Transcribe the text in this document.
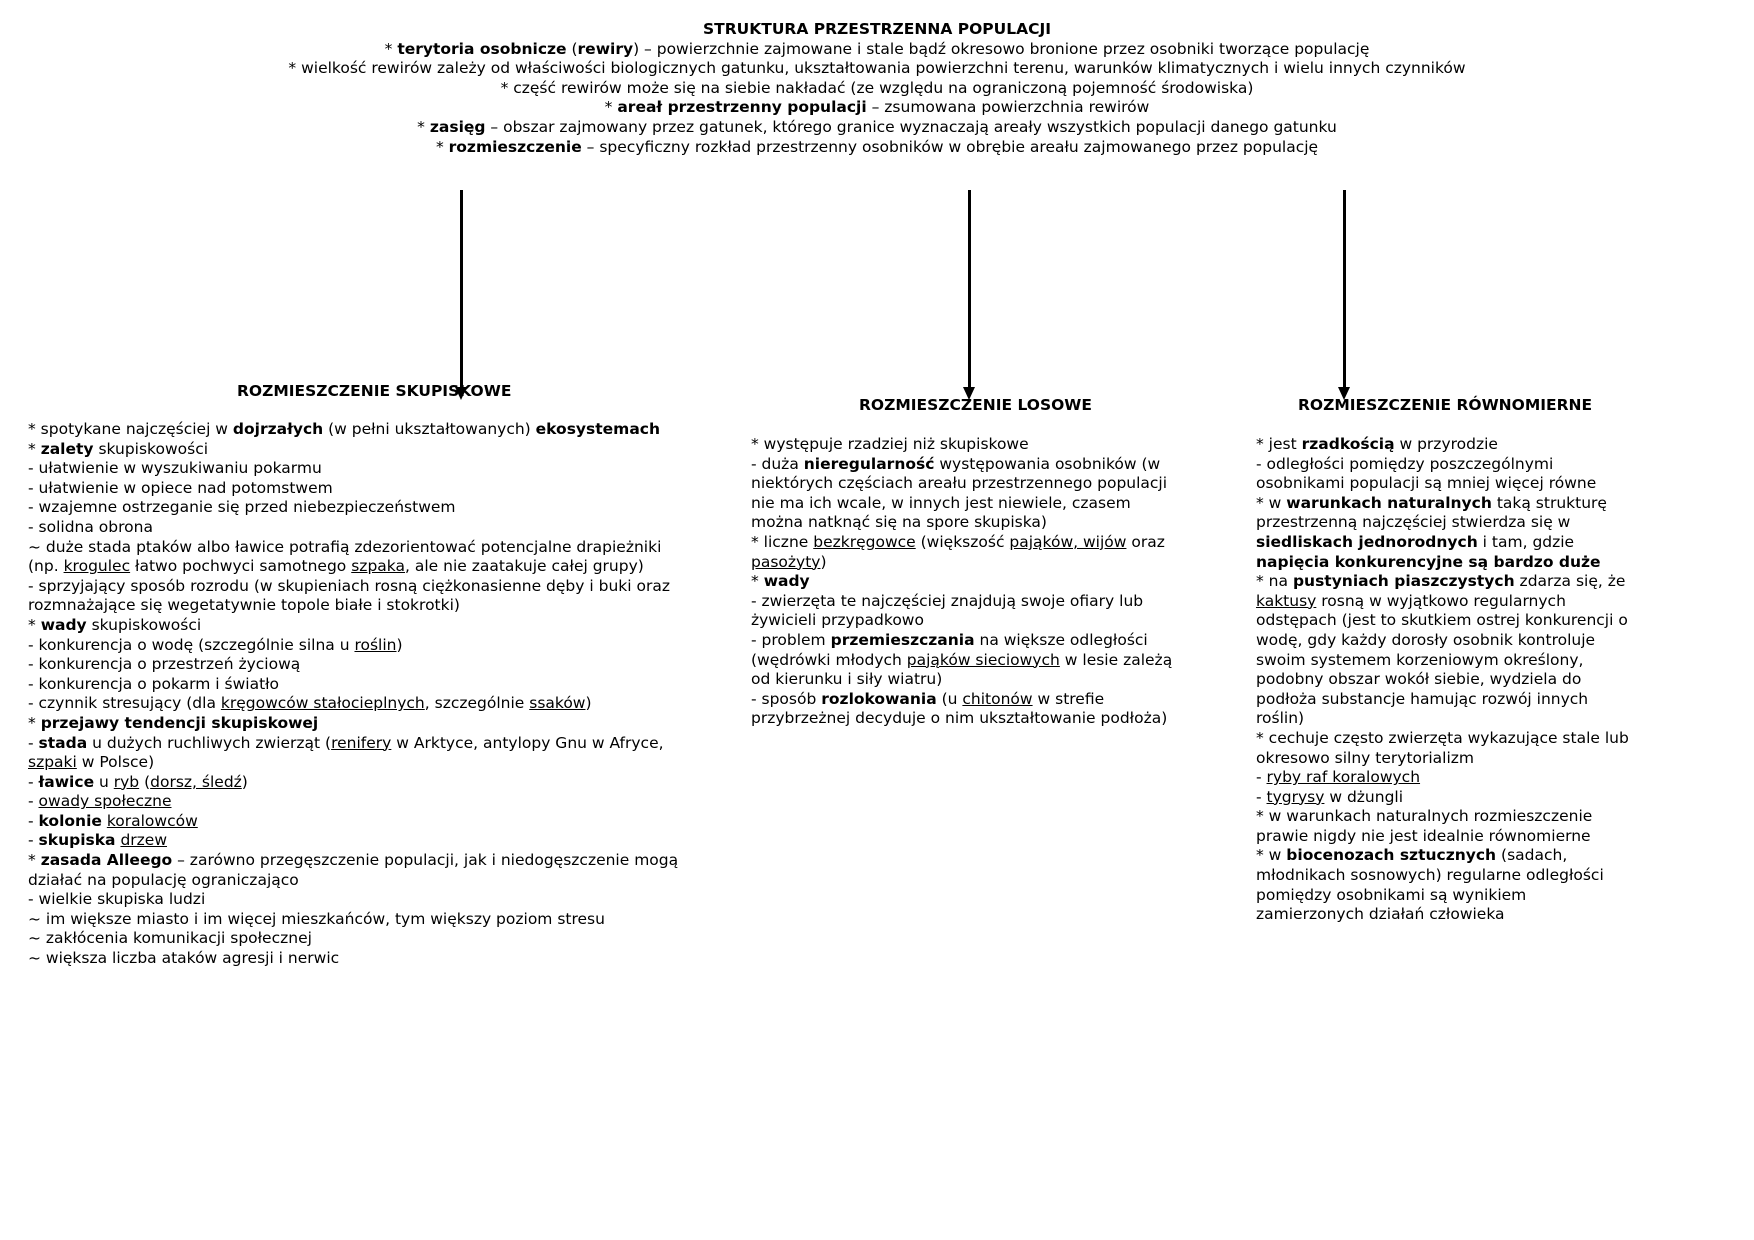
STRUKTURA PRZESTRZENNA POPULACJI
* terytoria osobnicze (rewiry) – powierzchnie zajmowane i stale bądź okresowo bronione przez osobniki tworzące populację
* wielkość rewirów zależy od właściwości biologicznych gatunku, ukształtowania powierzchni terenu, warunków klimatycznych i wielu innych czynników
* część rewirów może się na siebie nakładać (ze względu na ograniczoną pojemność środowiska)
* areał przestrzenny populacji – zsumowana powierzchnia rewirów
* zasięg – obszar zajmowany przez gatunek, którego granice wyznaczają areały wszystkich populacji danego gatunku
* rozmieszczenie – specyficzny rozkład przestrzenny osobników w obrębie areału zajmowanego przez populację
ROZMIESZCZENIE SKUPISKOWE
* spotykane najczęściej w dojrzałych (w pełni ukształtowanych) ekosystemach
* zalety skupiskowości
- ułatwienie w wyszukiwaniu pokarmu
- ułatwienie w opiece nad potomstwem
- wzajemne ostrzeganie się przed niebezpieczeństwem
- solidna obrona
~ duże stada ptaków albo ławice potrafią zdezorientować potencjalne drapieżniki
(np. krogulec łatwo pochwyci samotnego szpaka, ale nie zaatakuje całej grupy)
- sprzyjający sposób rozrodu (w skupieniach rosną ciężkonasienne dęby i buki oraz
rozmnażające się wegetatywnie topole białe i stokrotki)
* wady skupiskowości
- konkurencja o wodę (szczególnie silna u roślin)
- konkurencja o przestrzeń życiową
- konkurencja o pokarm i światło
- czynnik stresujący (dla kręgowców stałocieplnych, szczególnie ssaków)
* przejawy tendencji skupiskowej
- stada u dużych ruchliwych zwierząt (renifery w Arktyce, antylopy Gnu w Afryce,
szpaki w Polsce)
- ławice u ryb (dorsz, śledź)
- owady społeczne
- kolonie koralowców
- skupiska drzew
* zasada Alleego – zarówno przegęszczenie populacji, jak i niedogęszczenie mogą
działać na populację ograniczająco
- wielkie skupiska ludzi
~ im większe miasto i im więcej mieszkańców, tym większy poziom stresu
~ zakłócenia komunikacji społecznej
~ większa liczba ataków agresji i nerwic
ROZMIESZCZENIE LOSOWE
* występuje rzadziej niż skupiskowe
- duża nieregularność występowania osobników (w
niektórych częściach areału przestrzennego populacji
nie ma ich wcale, w innych jest niewiele, czasem
można natknąć się na spore skupiska)
* liczne bezkręgowce (większość pająków, wijów oraz
pasożyty)
* wady
- zwierzęta te najczęściej znajdują swoje ofiary lub
żywicieli przypadkowo
- problem przemieszczania na większe odległości
(wędrówki młodych pająków sieciowych w lesie zależą
od kierunku i siły wiatru)
- sposób rozlokowania (u chitonów w strefie
przybrzeżnej decyduje o nim ukształtowanie podłoża)
ROZMIESZCZENIE RÓWNOMIERNE
* jest rzadkością w przyrodzie
- odległości pomiędzy poszczególnymi
osobnikami populacji są mniej więcej równe
* w warunkach naturalnych taką strukturę
przestrzenną najczęściej stwierdza się w
siedliskach jednorodnych i tam, gdzie
napięcia konkurencyjne są bardzo duże
* na pustyniach piaszczystych zdarza się, że
kaktusy rosną w wyjątkowo regularnych
odstępach (jest to skutkiem ostrej konkurencji o
wodę, gdy każdy dorosły osobnik kontroluje
swoim systemem korzeniowym określony,
podobny obszar wokół siebie, wydziela do
podłoża substancje hamując rozwój innych
roślin)
* cechuje często zwierzęta wykazujące stale lub
okresowo silny terytorializm
- ryby raf koralowych
- tygrysy w dżungli
* w warunkach naturalnych rozmieszczenie
prawie nigdy nie jest idealnie równomierne
* w biocenozach sztucznych (sadach,
młodnikach sosnowych) regularne odległości
pomiędzy osobnikami są wynikiem
zamierzonych działań człowieka
